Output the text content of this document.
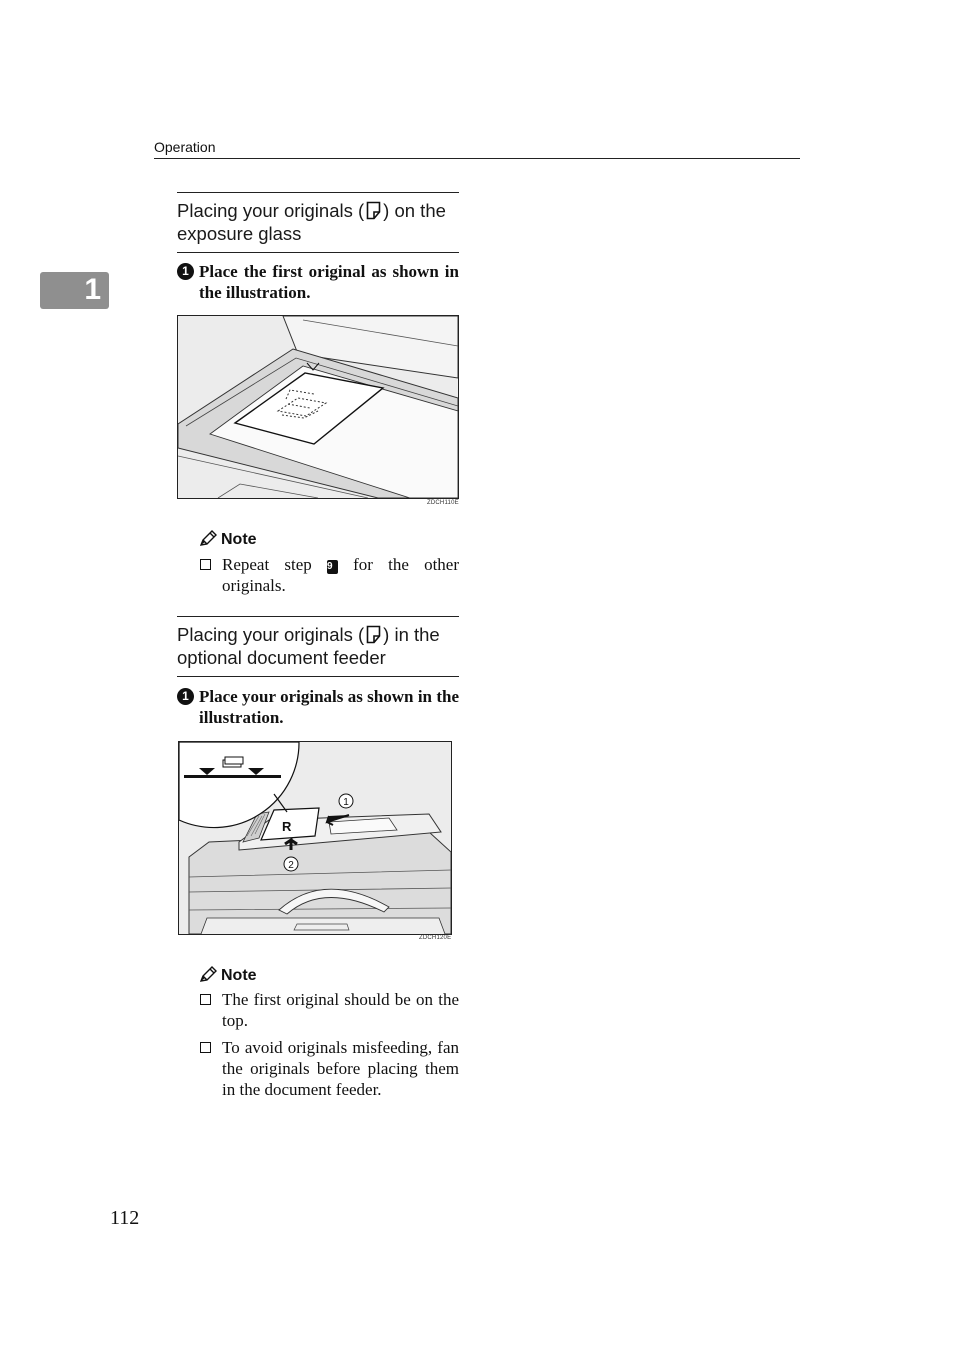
Operation
1
Placing your originals ( ) on the exposure glass
1 Place the first original as shown in the illustration.
ZDCH110E
Note
Repeat step 9 for the other originals.
Placing your originals ( ) in the optional document feeder
1 Place your originals as shown in the illustration.
R
1
2
ZDCH120E
Note
The first original should be on the top.
To avoid originals misfeeding, fan the originals before placing them in the document feeder.
112
